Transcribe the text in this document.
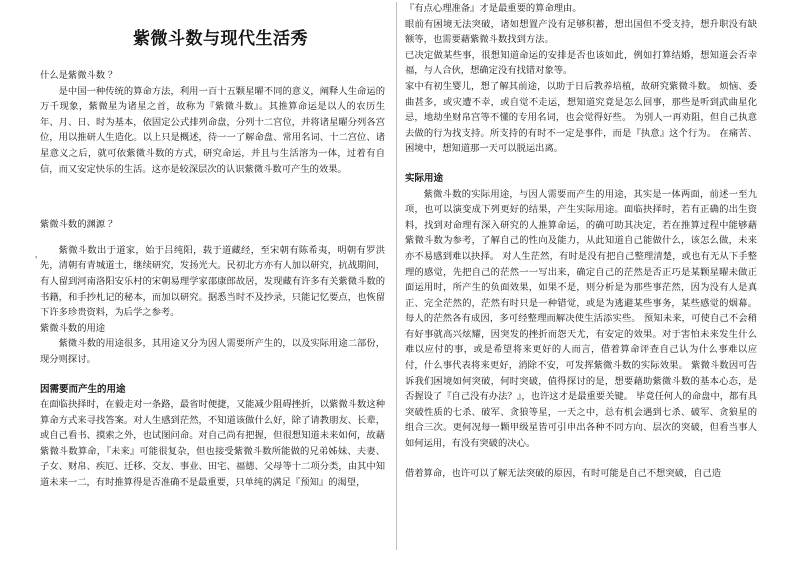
'
紫微斗数与现代生活秀

什么是紫微斗数 ？

是中国一种传统的算命方法，利用一百十五颗星曜不同的意义，阐释人生命运的万千现象，紫微星为诸星之首，故称为『紫微斗数』。其推算命运是以人的农历生年、月、日、时为基本，依固定公式排列命盘，分列十二宫位，并将诸星曜分列各宫位，用以推研人生造化。以上只是概述，待一一了解命盘、常用名词、十二宫位、诸星意义之后，就可依紫微斗数的方式，研究命运，并且与生活溶为一体，过着有自信，而又安定快乐的生活。这亦是较深层次的认识紫微斗数可产生的效果。

紫微斗数的渊源 ？

紫微斗数出于道家，始于吕纯阳，载于道藏经，至宋朝有陈希夷，明朝有罗洪先，清朝有青城道士，继续研究，发扬光大。民初北方亦有人加以研究，抗战期间，有人留到河南洛阳安乐村的宋朝易理学家邵康郎故居，发现藏有许多有关紫微斗数的书籍，和手抄札记的秘本，而加以研究。据悉当时不及抄录，只能记忆要点，也恢留下许多珍贵资料，为后学之参考。

紫微斗数的用途

紫微斗数的用途很多，其用途又分为因人需要所产生的，以及实际用途二部份，现分则探讨。

因需要而产生的用途

在面临抉择时，在毅走对一条路，最省时便捷，又能减少阻碍挫折，以紫微斗数这种算命方式来寻找答案。对人生感到茫然，不知道该做什么好，除了请教朋友、长辈，或自己看书、摸索之外，也试图问命。对自己尚有把握，但很想知道未来如何，故藉紫微斗数算命，『未来』可能很复杂，但也接受紫微斗数所能做的兄弟姊妹、夫妻、子女、财帛、疾厄、迁移、交友、事业、田宅、福德、父母等十二项分类，由其中知道未来一二，有时推算得是否准确不是最重要，只单纯的满足『预知』的渴望，

『有点心理准备』才是最重要的算命理由。

眼前有困境无法突破，诸如想置产没有足够积蓄，想出国但不受支持，想升职没有缺额等，也需要藉紫微斗数找到方法。

已决定做某些事，很想知道命运的安排是否也该如此，例如打算结婚，想知道会否幸福，与人合伙，想确定没有找错对象等。

家中有初生婴儿，想了解其前途，以助于日后教养培植，故研究紫微斗数。 烦恼、委曲甚多，或灾遭不幸，或自觉不走运，想知道究竟是怎么回事，那些是听到武曲星化忌，地劫坐财帛宫等不懂的专用名词，也会觉得好些。 为别人一再劝阻，但自己执意去做的行为找支持。所支持的有时不一定是事件，而是『执意』这个行为。 在痛苦、困境中，想知道那一天可以脱运出离。

实际用途

紫微斗数的实际用途，与因人需要而产生的用途，其实是一体两面，前述一至九项，也可以演变成下列更好的结果，产生实际用途。面临抉择时，若有正确的出生资料，找到对命理有深入研究的人推算命运，的确可助其决定，若在推算过程中能够藉紫微斗数为参考，了解自己的性向及能力，从此知道自己能做什么，该怎么做，未来亦不易感到难以抉择。 对人生茫然，有时是没有把自己整理清楚，或也有无从下手整理的感觉，先把自己的茫然一一写出来，确定自己的茫然是否正巧是某颗星曜未做正面运用时，所产生的负面效果，如果不是，则分析是为那些事茫然，因为没有人是真正、完全茫然的，茫然有时只是一种错觉，或是为逃避某些事务，某些感觉的烟幕。 每人的茫然各有成因，多可经整理而解决使生活添实些。 预知未来，可使自己不会稍有好事就高兴炫耀，因突发的挫折而怨天尤，有安定的效果。对于害怕未来发生什么难以应付的事，或是希望将来更好的人而言，借着算命评查自己认为什么事难以应付，什么事代表将来更好，消除不安，可发挥紫微斗数的实际效果。 紫微斗数因可告诉我们困境如何突破，何时突破，值得探讨的是，想要藉助紫微斗数的基本心态，是否握设了『自己没有办法？』，也许这才是最重要关键。 毕竟任何人的命盘中，都有具突破性质的七杀、破军、贪狼等星，一天之中，总有机会遇到七杀、破军、贪狼星的组合三次。更何况每一颗甲级星皆可引申出各种不同方向、层次的突破，但看当事人如何运用，有没有突破的决心。

借着算命，也许可以了解无法突破的原因，有时可能是自己不想突破，自己造
